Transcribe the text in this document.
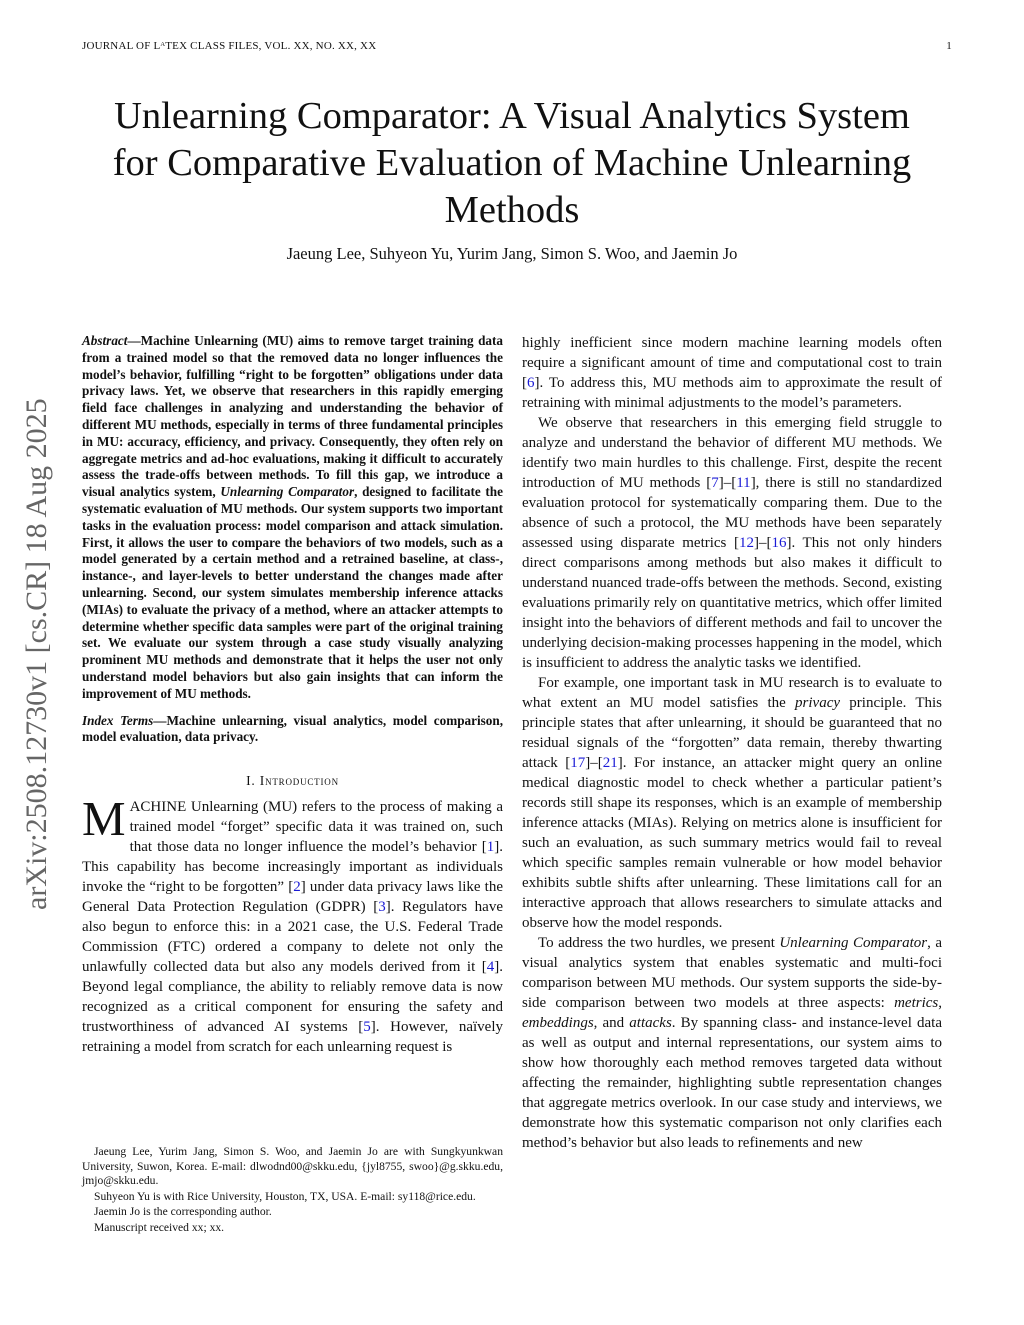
JOURNAL OF LᴬTEX CLASS FILES, VOL. XX, NO. XX, XX	1
arXiv:2508.12730v1 [cs.CR] 18 Aug 2025
Unlearning Comparator: A Visual Analytics System
for Comparative Evaluation of Machine Unlearning
Methods
Jaeung Lee, Suhyeon Yu, Yurim Jang, Simon S. Woo, and Jaemin Jo

Abstract—Machine Unlearning (MU) aims to remove target training data from a trained model so that the removed data no longer influences the model’s behavior, fulfilling “right to be forgotten” obligations under data privacy laws. Yet, we observe that researchers in this rapidly emerging field face challenges in analyzing and understanding the behavior of different MU methods, especially in terms of three fundamental principles in MU: accuracy, efficiency, and privacy. Consequently, they often rely on aggregate metrics and ad-hoc evaluations, making it difficult to accurately assess the trade-offs between methods. To fill this gap, we introduce a visual analytics system, Unlearning Comparator, designed to facilitate the systematic evaluation of MU methods. Our system supports two important tasks in the evaluation process: model comparison and attack simulation. First, it allows the user to compare the behaviors of two models, such as a model generated by a certain method and a retrained baseline, at class-, instance-, and layer-levels to better understand the changes made after unlearning. Second, our system simulates membership inference attacks (MIAs) to evaluate the privacy of a method, where an attacker attempts to determine whether specific data samples were part of the original training set. We evaluate our system through a case study visually analyzing prominent MU methods and demonstrate that it helps the user not only understand model behaviors but also gain insights that can inform the improvement of MU methods.

Index Terms—Machine unlearning, visual analytics, model comparison, model evaluation, data privacy.

I. Introduction

MACHINE Unlearning (MU) refers to the process of making a trained model “forget” specific data it was trained on, such that those data no longer influence the model’s behavior [1]. This capability has become increasingly important as individuals invoke the “right to be forgotten” [2] under data privacy laws like the General Data Protection Regulation (GDPR) [3]. Regulators have also begun to enforce this: in a 2021 case, the U.S. Federal Trade Commission (FTC) ordered a company to delete not only the unlawfully collected data but also any models derived from it [4]. Beyond legal compliance, the ability to reliably remove data is now recognized as a critical component for ensuring the safety and trustworthiness of advanced AI systems [5]. However, naïvely retraining a model from scratch for each unlearning request is

Jaeung Lee, Yurim Jang, Simon S. Woo, and Jaemin Jo are with Sungkyunkwan University, Suwon, Korea. E-mail: dlwodnd00@skku.edu, {jyl8755, swoo}@g.skku.edu, jmjo@skku.edu.

Suhyeon Yu is with Rice University, Houston, TX, USA. E-mail: sy118@rice.edu.

Jaemin Jo is the corresponding author.

Manuscript received xx; xx.

highly inefficient since modern machine learning models often require a significant amount of time and computational cost to train [6]. To address this, MU methods aim to approximate the result of retraining with minimal adjustments to the model’s parameters.

We observe that researchers in this emerging field struggle to analyze and understand the behavior of different MU methods. We identify two main hurdles to this challenge. First, despite the recent introduction of MU methods [7]–[11], there is still no standardized evaluation protocol for systematically comparing them. Due to the absence of such a protocol, the MU methods have been separately assessed using disparate metrics [12]–[16]. This not only hinders direct comparisons among methods but also makes it difficult to understand nuanced trade-offs between the methods. Second, existing evaluations primarily rely on quantitative metrics, which offer limited insight into the behaviors of different methods and fail to uncover the underlying decision-making processes happening in the model, which is insufficient to address the analytic tasks we identified.

For example, one important task in MU research is to evaluate to what extent an MU model satisfies the privacy principle. This principle states that after unlearning, it should be guaranteed that no residual signals of the “forgotten” data remain, thereby thwarting attack [17]–[21]. For instance, an attacker might query an online medical diagnostic model to check whether a particular patient’s records still shape its responses, which is an example of membership inference attacks (MIAs). Relying on metrics alone is insufficient for such an evaluation, as such summary metrics would fail to reveal which specific samples remain vulnerable or how model behavior exhibits subtle shifts after unlearning. These limitations call for an interactive approach that allows researchers to simulate attacks and observe how the model responds.

To address the two hurdles, we present Unlearning Comparator, a visual analytics system that enables systematic and multi-foci comparison between MU methods. Our system supports the side-by-side comparison between two models at three aspects: metrics, embeddings, and attacks. By spanning class- and instance-level data as well as output and internal representations, our system aims to show how thoroughly each method removes targeted data without affecting the remainder, highlighting subtle representation changes that aggregate metrics overlook. In our case study and interviews, we demonstrate how this systematic comparison not only clarifies each method’s behavior but also leads to refinements and new
